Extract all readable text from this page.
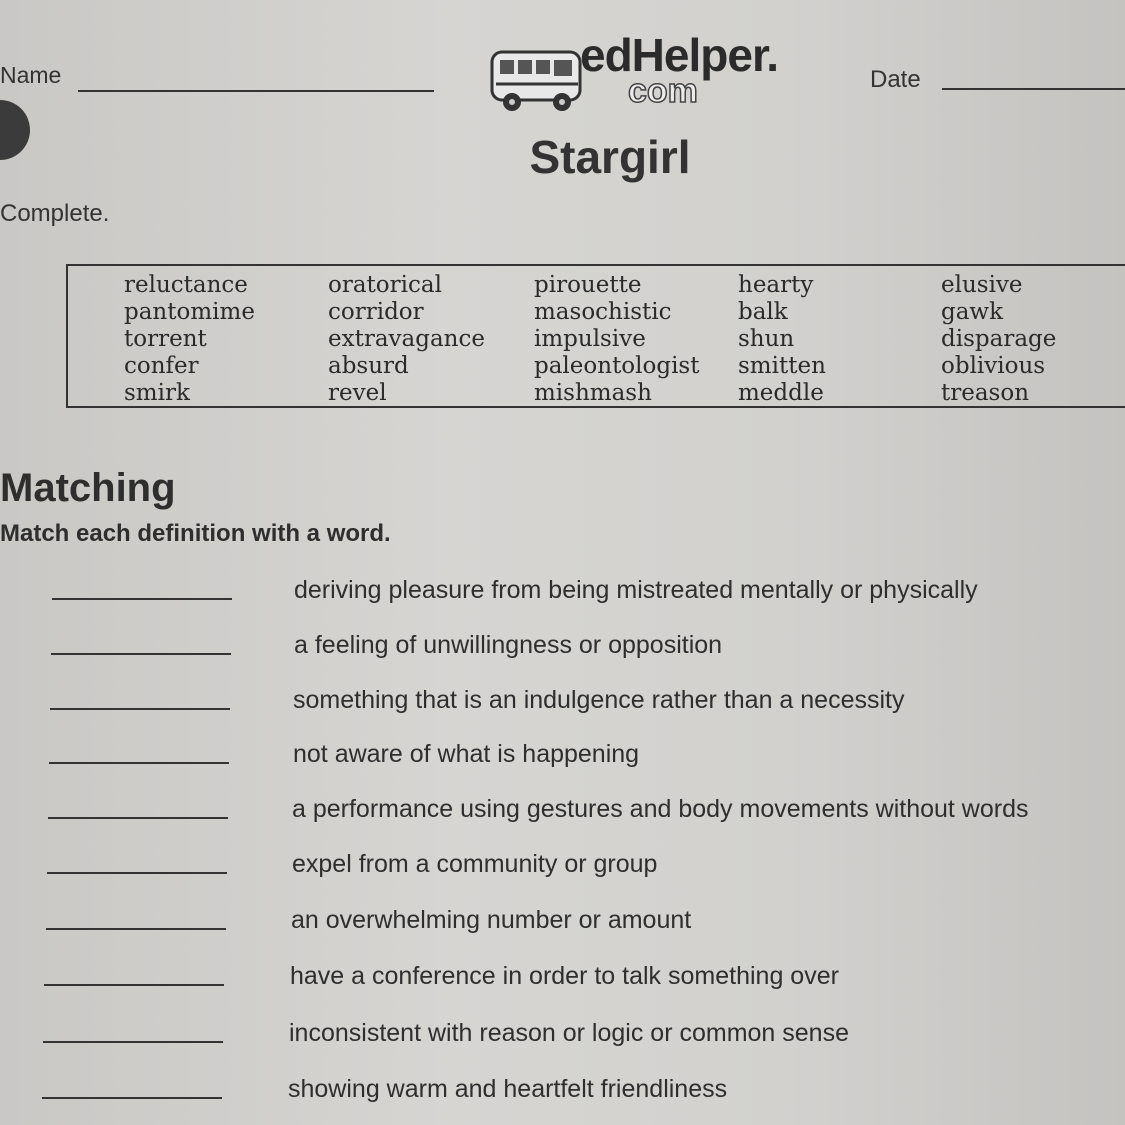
Name	edHelper.
com	Date
Stargirl
Complete.
reluctance
pantomime
torrent
confer
smirk
oratorical
corridor
extravagance
absurd
revel
pirouette
masochistic
impulsive
paleontologist
mishmash
hearty
balk
shun
smitten
meddle
elusive
gawk
disparage
oblivious
treason
Matching
Match each definition with a word.
deriving pleasure from being mistreated mentally or physically
a feeling of unwillingness or opposition
something that is an indulgence rather than a necessity
not aware of what is happening
a performance using gestures and body movements without words
expel from a community or group
an overwhelming number or amount
have a conference in order to talk something over
inconsistent with reason or logic or common sense
showing warm and heartfelt friendliness
